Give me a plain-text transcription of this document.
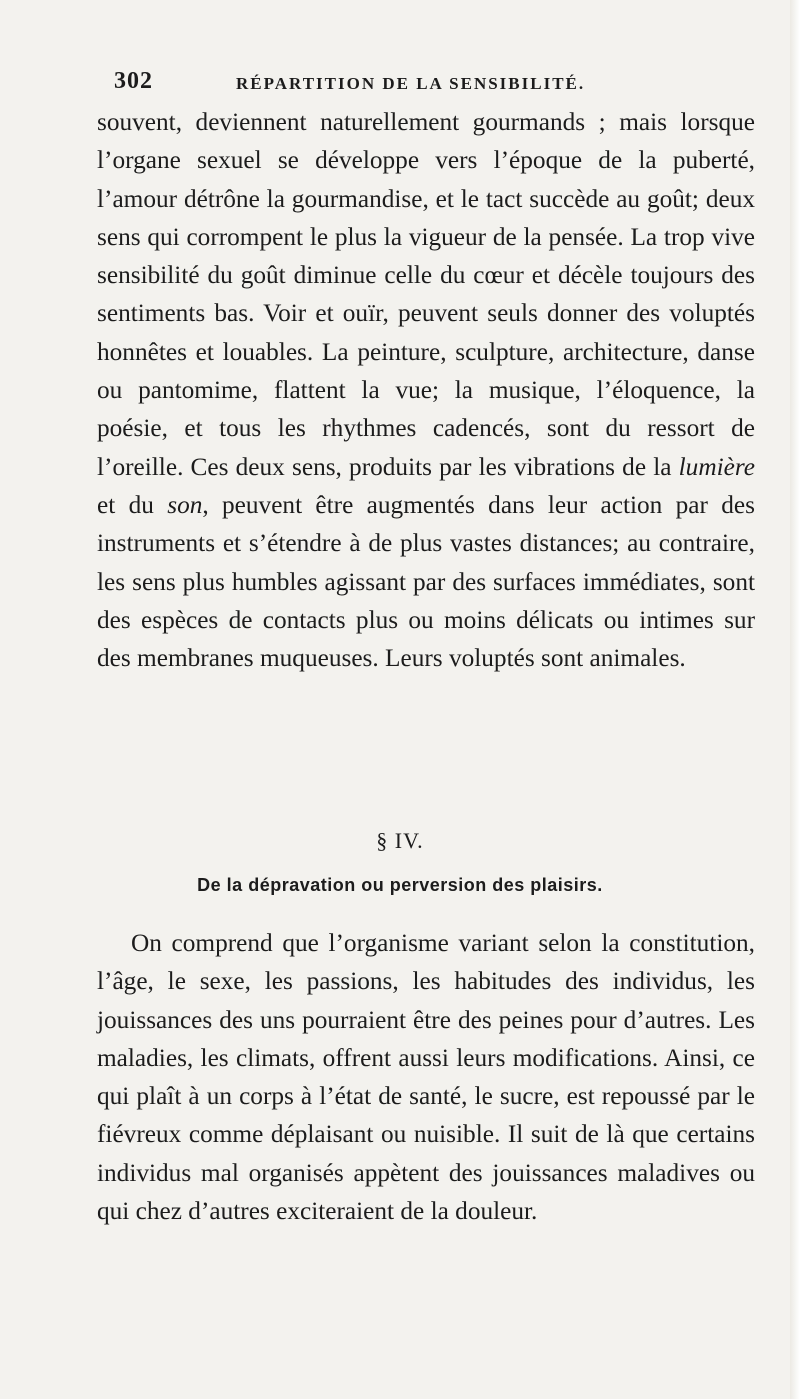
302	RÉPARTITION DE LA SENSIBILITÉ.

souvent, deviennent naturellement gourmands ; mais lorsque l’organe sexuel se développe vers l’époque de la puberté, l’amour détrône la gourmandise, et le tact succède au goût; deux sens qui corrompent le plus la vigueur de la pensée. La trop vive sensibilité du goût diminue celle du cœur et décèle toujours des sentiments bas. Voir et ouïr, peuvent seuls donner des voluptés honnêtes et louables. La peinture, sculpture, architecture, danse ou pantomime, flattent la vue; la musique, l’éloquence, la poésie, et tous les rhythmes cadencés, sont du ressort de l’oreille. Ces deux sens, produits par les vibrations de la lumière et du son, peuvent être augmentés dans leur action par des instruments et s’étendre à de plus vastes distances; au contraire, les sens plus humbles agissant par des surfaces immédiates, sont des espèces de contacts plus ou moins délicats ou intimes sur des membranes muqueuses. Leurs voluptés sont animales.

§ IV.
De la dépravation ou perversion des plaisirs.

On comprend que l’organisme variant selon la constitution, l’âge, le sexe, les passions, les habitudes des individus, les jouissances des uns pourraient être des peines pour d’autres. Les maladies, les climats, offrent aussi leurs modifications. Ainsi, ce qui plaît à un corps à l’état de santé, le sucre, est repoussé par le fiévreux comme déplaisant ou nuisible. Il suit de là que certains individus mal organisés appètent des jouissances maladives ou qui chez d’autres exciteraient de la douleur.
